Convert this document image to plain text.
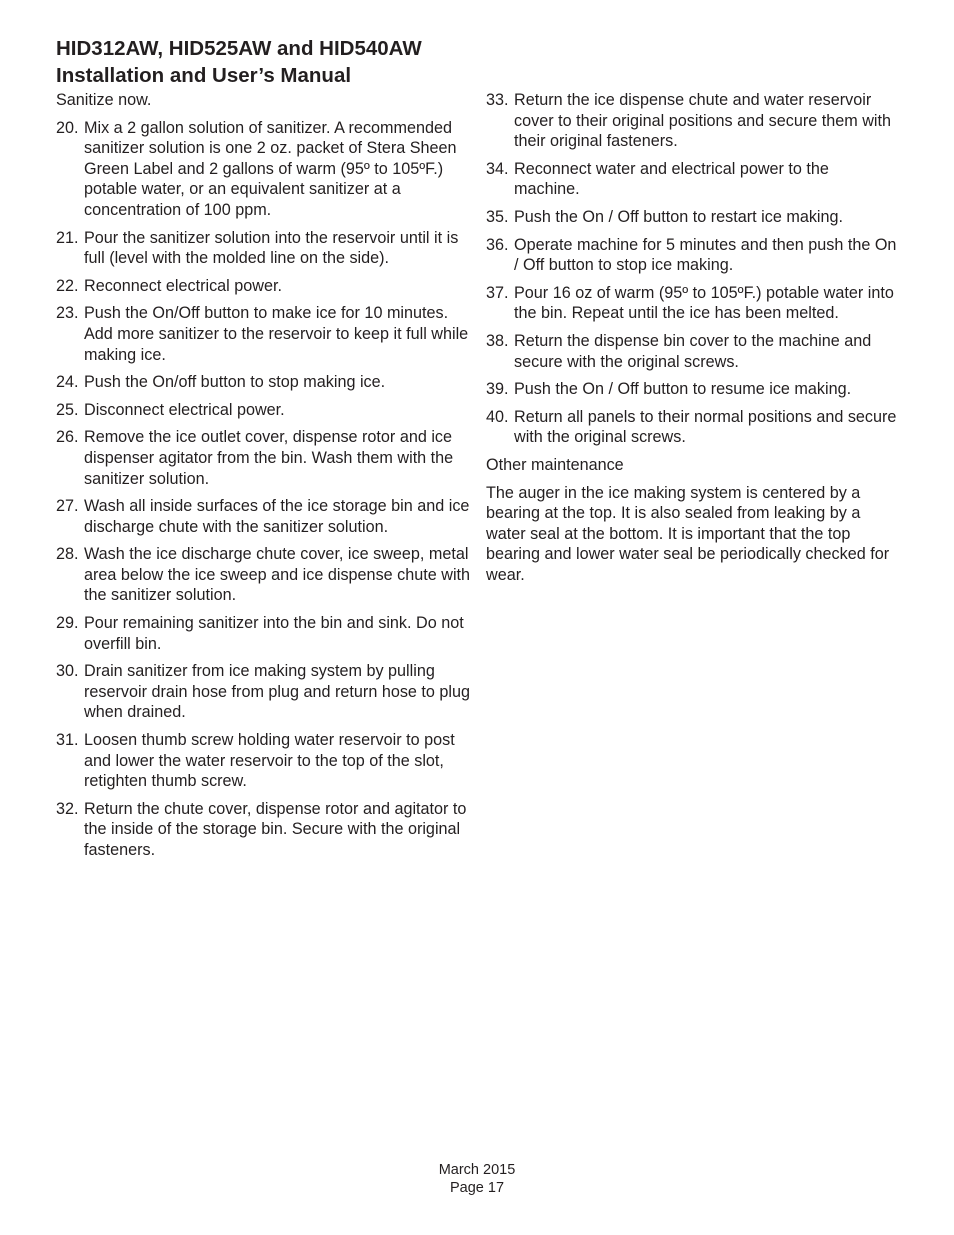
HID312AW, HID525AW and HID540AW
Installation and User’s Manual

Sanitize now.

20. Mix a 2 gallon solution of sanitizer. A recommended sanitizer solution is one 2 oz. packet of Stera Sheen Green Label and 2 gallons of warm (95º to 105ºF.) potable water, or an equivalent sanitizer at a concentration of 100 ppm.
21. Pour the sanitizer solution into the reservoir until it is full (level with the molded line on the side).
22. Reconnect electrical power.
23. Push the On/Off button to make ice for 10 minutes. Add more sanitizer to the reservoir to keep it full while making ice.
24. Push the On/off button to stop making ice.
25. Disconnect electrical power.
26. Remove the ice outlet cover, dispense rotor and ice dispenser agitator from the bin. Wash them with the sanitizer solution.
27. Wash all inside surfaces of the ice storage bin and ice discharge chute with the sanitizer solution.
28. Wash the ice discharge chute cover, ice sweep, metal area below the ice sweep and ice dispense chute with the sanitizer solution.
29. Pour remaining sanitizer into the bin and sink. Do not overfill bin.
30. Drain sanitizer from ice making system by pulling reservoir drain hose from plug and return hose to plug when drained.
31. Loosen thumb screw holding water reservoir to post and lower the water reservoir to the top of the slot, retighten thumb screw.
32. Return the chute cover, dispense rotor and agitator to the inside of the storage bin. Secure with the original fasteners.
33. Return the ice dispense chute and water reservoir cover to their original positions and secure them with their original fasteners.
34. Reconnect water and electrical power to the machine.
35. Push the On / Off button to restart ice making.
36. Operate machine for 5 minutes and then push the On / Off button to stop ice making.
37. Pour 16 oz of warm (95º to 105ºF.) potable water into the bin. Repeat until the ice has been melted.
38. Return the dispense bin cover to the machine and secure with the original screws.
39. Push the On / Off button to resume ice making.
40. Return all panels to their normal positions and secure with the original screws.

Other maintenance

The auger in the ice making system is centered by a bearing at the top. It is also sealed from leaking by a water seal at the bottom. It is important that the top bearing and lower water seal be periodically checked for wear.

March 2015
Page 17
